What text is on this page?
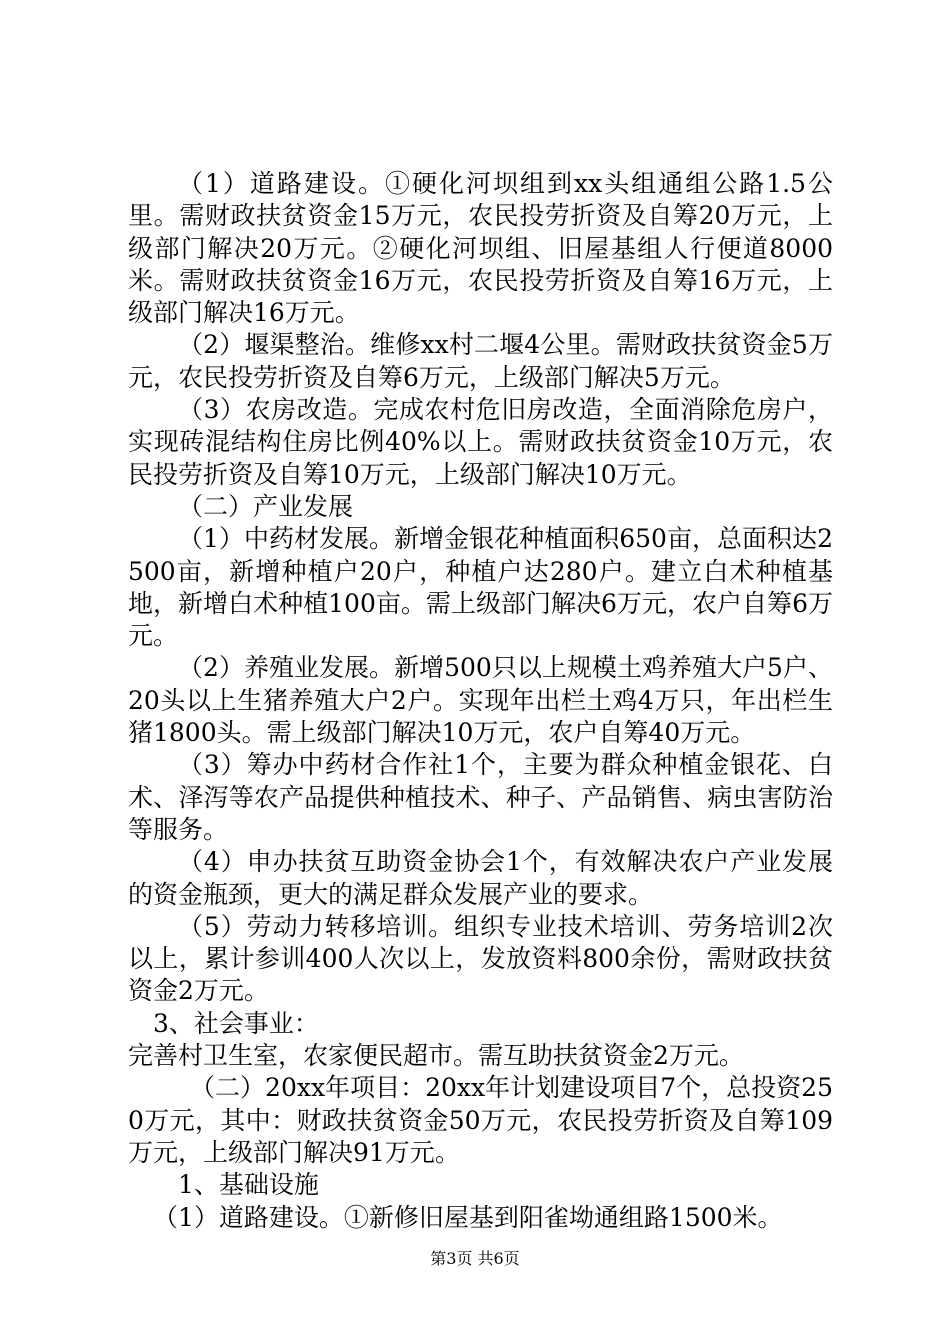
（1）道路建设。①硬化河坝组到xx头组通组公路1.5公里。需财政扶贫资金15万元，农民投劳折资及自筹20万元，上级部门解决20万元。②硬化河坝组、旧屋基组人行便道8000米。需财政扶贫资金16万元，农民投劳折资及自筹16万元，上级部门解决16万元。

（2）堰渠整治。维修xx村二堰4公里。需财政扶贫资金5万元，农民投劳折资及自筹6万元，上级部门解决5万元。

（3）农房改造。完成农村危旧房改造，全面消除危房户，实现砖混结构住房比例40%以上。需财政扶贫资金10万元，农民投劳折资及自筹10万元，上级部门解决10万元。

（二）产业发展

（1）中药材发展。新增金银花种植面积650亩，总面积达2500亩，新增种植户20户，种植户达280户。建立白术种植基地，新增白术种植100亩。需上级部门解决6万元，农户自筹6万元。

（2）养殖业发展。新增500只以上规模土鸡养殖大户5户、20头以上生猪养殖大户2户。实现年出栏土鸡4万只，年出栏生猪1800头。需上级部门解决10万元，农户自筹40万元。

（3）筹办中药材合作社1个，主要为群众种植金银花、白术、泽泻等农产品提供种植技术、种子、产品销售、病虫害防治等服务。

（4）申办扶贫互助资金协会1个，有效解决农户产业发展的资金瓶颈，更大的满足群众发展产业的要求。

（5）劳动力转移培训。组织专业技术培训、劳务培训2次以上，累计参训400人次以上，发放资料800余份，需财政扶贫资金2万元。

3、社会事业：

完善村卫生室，农家便民超市。需互助扶贫资金2万元。

（二）20xx年项目：20xx年计划建设项目7个，总投资250万元，其中：财政扶贫资金50万元，农民投劳折资及自筹109万元，上级部门解决91万元。

1、基础设施

（1）道路建设。①新修旧屋基到阳雀坳通组路1500米。

第3页 共6页
